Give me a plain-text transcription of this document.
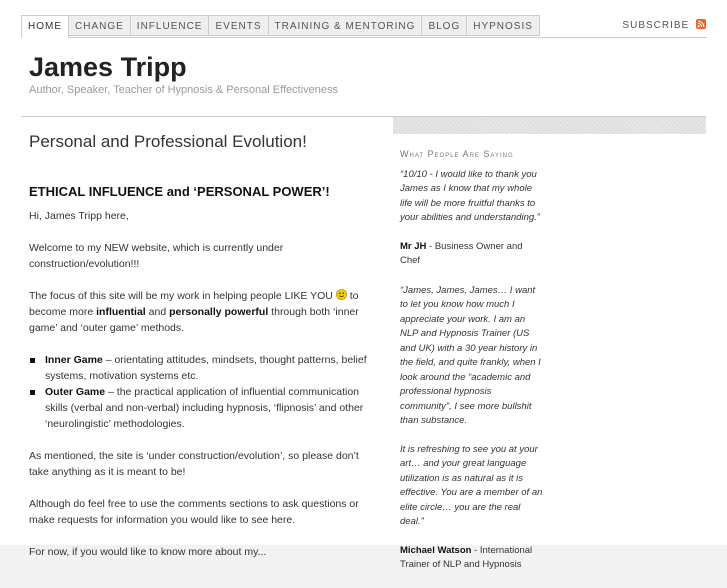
HOME	CHANGE	INFLUENCE	EVENTS	TRAINING & MENTORING	BLOG	HYPNOSIS	SUBSCRIBE
James Tripp
Author, Speaker, Teacher of Hypnosis & Personal Effectiveness
Personal and Professional Evolution!
ETHICAL INFLUENCE and ‘PERSONAL POWER’!

Hi, James Tripp here,

Welcome to my NEW website, which is currently under construction/evolution!!!

The focus of this site will be my work in helping people LIKE YOU  to become more influential and personally powerful through both ‘inner game’ and ‘outer game’ methods.

Inner Game – orientating attitudes, mindsets, thought patterns, belief systems, motivation systems etc.
Outer Game – the practical application of influential communication skills (verbal and non-verbal) including hypnosis, ‘flipnosis’ and other ‘neurolingistic’ methodologies.

As mentioned, the site is ‘under construction/evolution’, so please don’t take anything as it is meant to be!

Although do feel free to use the comments sections to ask questions or make requests for information you would like to see here.

For now, if you would like to know more about my...

What People Are Saying
“10/10 - I would like to thank you James as I know that my whole life will be more fruitful thanks to your abilities and understanding.”
Mr JH - Business Owner and Chef
“James, James, James… I want to let you know how much I appreciate your work. I am an NLP and Hypnosis Trainer (US and UK) with a 30 year history in the field, and quite frankly, when I look around the “academic and professional hypnosis community”, I see more bullshit than substance.
It is refreshing to see you at your art… and your great language utilization is as natural as it is effective. You are a member of an elite circle… you are the real deal.”
Michael Watson - International Trainer of NLP and Hypnosis
